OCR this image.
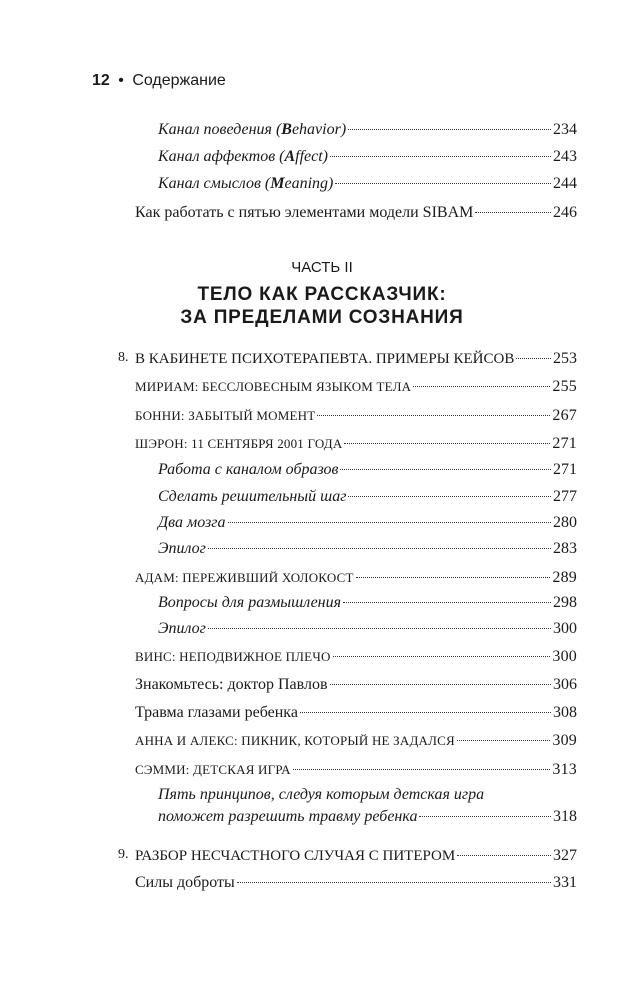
12 • Содержание
Канал поведения (Behavior)	234
Канал аффектов (Affect)	243
Канал смыслов (Meaning)	244
Как работать с пятью элементами модели SIBAM	246
ЧАСТЬ II
ТЕЛО КАК РАССКАЗЧИК:
ЗА ПРЕДЕЛАМИ СОЗНАНИЯ
8. В КАБИНЕТЕ ПСИХОТЕРАПЕВТА. ПРИМЕРЫ КЕЙСОВ 253
МИРИАМ: БЕССЛОВЕСНЫМ ЯЗЫКОМ ТЕЛА	255
БОННИ: ЗАБЫТЫЙ МОМЕНТ	267
ШЭРОН: 11 СЕНТЯБРЯ 2001 ГОДА	271
Работа с каналом образов	271
Сделать решительный шаг	277
Два мозга	280
Эпилог	283
АДАМ: ПЕРЕЖИВШИЙ ХОЛОКОСТ	289
Вопросы для размышления	298
Эпилог	300
ВИНС: НЕПОДВИЖНОЕ ПЛЕЧО	300
Знакомьтесь: доктор Павлов	306
Травма глазами ребенка	308
АННА И АЛЕКС: ПИКНИК, КОТОРЫЙ НЕ ЗАДАЛСЯ	309
СЭММИ: ДЕТСКАЯ ИГРА	313
Пять принципов, следуя которым детская игра
поможет разрешить травму ребенка	318
9. РАЗБОР НЕСЧАСТНОГО СЛУЧАЯ С ПИТЕРОМ	327
Силы доброты	331
